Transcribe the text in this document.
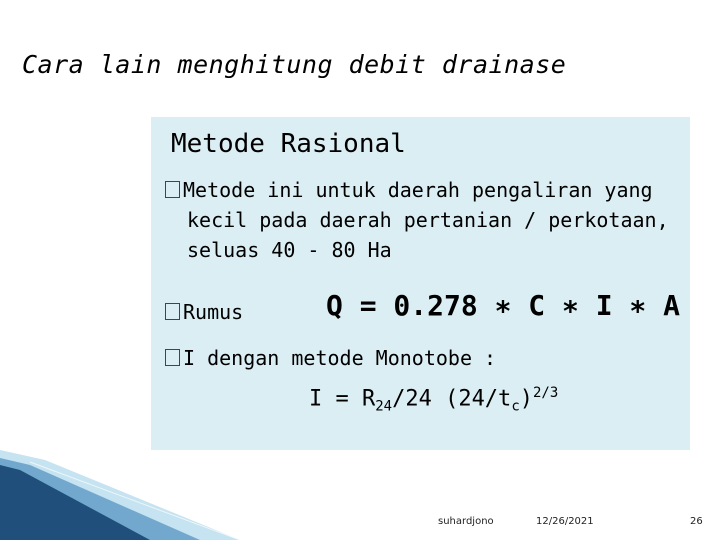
Cara lain menghitung debit drainase
Metode Rasional
Metode ini untuk daerah pengaliran yang
kecil pada daerah pertanian / perkotaan,
seluas 40 - 80 Ha
Rumus	Q = 0.278 ∗ C ∗ I ∗ A
I dengan metode Monotobe :
$I = R_{24}/24$ $(24/t_c)^{2/3}$
suhardjono	12/26/2021	26
